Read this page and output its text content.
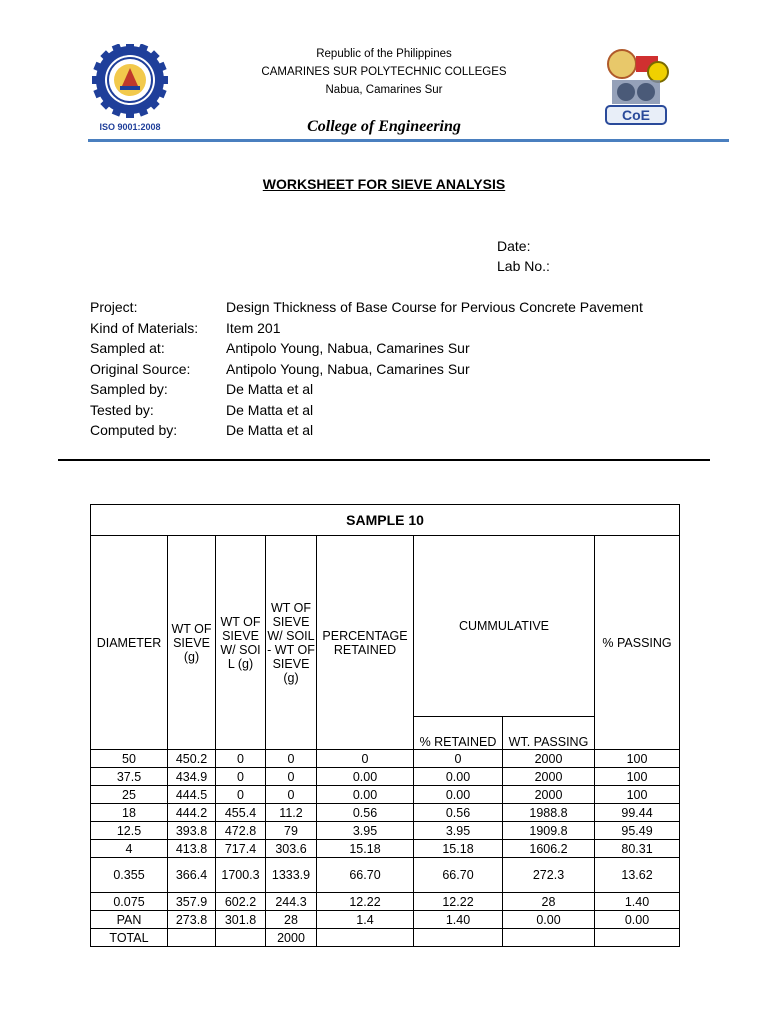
ISO 9001:2008
CoE
Republic of the Philippines
CAMARINES SUR POLYTECHNIC COLLEGES
Nabua, Camarines Sur
College of Engineering
WORKSHEET FOR SIEVE ANALYSIS
Date:
Lab No.:
Project:	Design Thickness of Base Course for Pervious Concrete Pavement
Kind of Materials: Item 201
Sampled at:	Antipolo Young, Nabua, Camarines Sur
Original Source:	Antipolo Young, Nabua, Camarines Sur
Sampled by:	De Matta et al
Tested by:	De Matta et al
Computed by:	De Matta et al
SAMPLE 10							
DIAMETER	WT OF SIEVE (g)	WT OF SIEVE W/ SOIL (g)	WT OF SIEVE W/ SOIL - WT OF SIEVE (g)	PERCENTAGE RETAINED	CUMMULATIVE		% PASSING
					% RETAINED	WT. PASSING	
50	450.2	0	0	0	0	2000	100
37.5	434.9	0	0	0.00	0.00	2000	100
25	444.5	0	0	0.00	0.00	2000	100
18	444.2	455.4	11.2	0.56	0.56	1988.8	99.44
12.5	393.8	472.8	79	3.95	3.95	1909.8	95.49
4	413.8	717.4	303.6	15.18	15.18	1606.2	80.31
0.355	366.4	1700.3	1333.9	66.70	66.70	272.3	13.62
0.075	357.9	602.2	244.3	12.22	12.22	28	1.40
PAN	273.8	301.8	28	1.4	1.40	0.00	0.00
TOTAL			2000				
